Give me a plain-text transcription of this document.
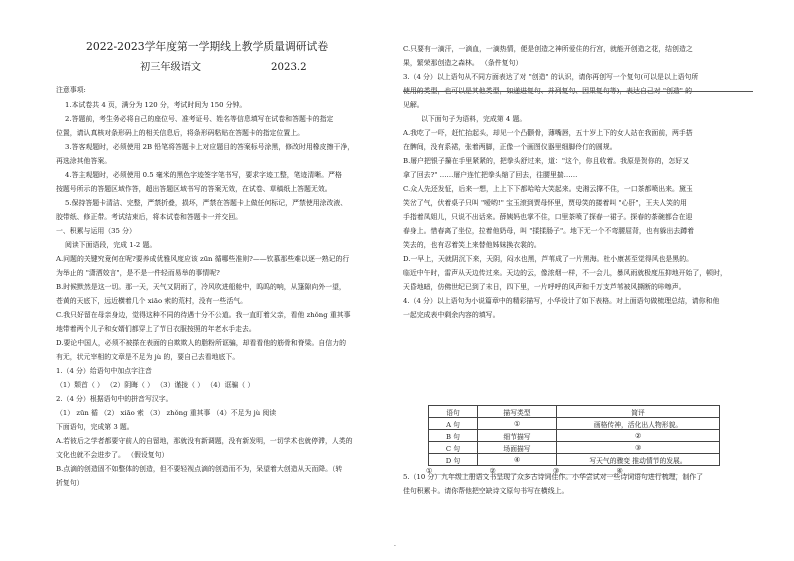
2022-2023学年度第一学期线上教学质量调研试卷
初三年级语文	2023.2
注意事项:
1.本试卷共 4 页，满分为 120 分，考试时间为 150 分钟。
2.答题前，考生务必将自己的座位号、准考证号、姓名等信息填写在试卷和答题卡的指定
位置，请认真核对条形码上的相关信息后，将条形码粘贴在答题卡的指定位置上。
3.答客观题时，必须使用 2B 铅笔将答题卡上对应题目的答案标号涂黑，修改时用橡皮擦干净，
再选涂其他答案。
4.答主观题时，必须使用 0.5 毫米的黑色字迹签字笔书写，要求字迹工整，笔迹清晰。严格
按题号所示的答题区域作答，超出答题区域书写的答案无效，在试卷、草稿纸上答题无效。
5.保持答题卡清洁、完整，严禁折叠，损坏，严禁在答题卡上做任何标记，严禁使用涂改液、
胶带纸、修正带。考试结束后，将本试卷和答题卡一并交回。
一、积累与运用（35 分）
阅读下面语段，完成 1-2 题。
A.问题的关键究竟何在呢?要养成优雅风度应该 zūn 循哪些准则?——钦慕那些难以逐一熟记的行
为举止的 "潇洒姣言"，是不是一件轻而易举的事情呢?
B.时候默然是这一切。那一天，天气又阴雨了，冷风吹进船舱中，呜呜的响，从篷隙向外一望，
苍黄的天底下，远近横着几个 xiāo 索的荒村，没有一些活气。
C.我只好留在母亲身边，觉得这种不同的待遇十分不公道。我一直盯着父亲，看他 zhǒng 重其事
地带着两个儿子和女婿们都穿上了节日衣服按照的年老水手走去。
D.要论中国人，必须不被搽在表面的自欺欺人的脂粉所诓骗，却看看他的筋骨和脊梁。自信力的
有无，状元宰相的文章是不足为 jù 的，要自己去看地底下。
1.（4 分）给语句中加点字注音
（1）颓首（ ） （2）阴晦（ ） （3）谨拢（ ） （4）诓骗（ ）
2.（4 分）根据语句中的拼音写汉字。
（1） zūn 循 （2） xiāo 索 （3） zhǒng 重其事 （4）不足为 jù 阅读
下面语句，完成第 3 题。
A.若彼后之学者都要守前人的自留地，那就没有新调题，没有新发明，一切学术也就停滞，人类的
文化也就不会进步了。 （假设复句）
B.点滴的创造固不如整体的创造，但不要轻视点滴的创造而不为，呆望着大创造从天而降。（转
折复句）
C.只要有一滴汗，一滴血，一滴热情，便是创造之神所爱住的行宫，就能开创造之花，结创造之
果，繁荣那创造之森林。 （条件复句）
3.（4 分）以上语句从不同方面表达了对 "创造" 的认识，请你再创写一个复句(可以是以上语句所
使用的类型，也可以是其他类型，如递进复句、并列复句、因果复句等)，表达自己对 "创造" 的
见解。
以下面句子为语料，完成第 4 题。
A.我吃了一吓，赶忙抬起头，却见一个凸颧骨，薄嘴唇，五十岁上下的女人站在我面前，两手搭
在髀间，没有系裙，张着两脚，正像一个画图仪器里细脚伶仃的圆规。
B.屠户把银子攥在手里紧紧的，把拳头舒过来，道："这个，你且收着。我原是贺你的，怎好又
拿了回去?" ……屠户连忙把拳头缩了回去，往腰里揣……
C.众人先还发怔，后来一想，上上下下都哈哈大笑起来。史湘云撑不住，一口茶都喷出来。黛玉
笑岔了气，伏着桌子只叫 "嗳哟!" 宝玉滚到贾母怀里，贾母笑的搂着叫 "心肝"，王夫人笑的用
手指着凤姐儿，只说不出话来。薛姨妈也掌不住，口里茶喷了探春一裙子。探春的茶碗都合在迎
春身上。惜春离了坐位，拉着他奶母，叫 "揉揉肠子"。地下无一个不弯腰屈背，也有躲出去蹲着
笑去的，也有忍着笑上来替他姊妹换衣裳的。
D.一早上，天就阴沉下来，天阴，闷水也黑，芦苇成了一片黑海。杜小康甚至觉得风也是黑的。
临近中午时，雷声从天边传过来。天边的云，像浓烟一样，不一会儿，暴风雨就极度压抑地开始了，顿时，
天昏地暗，仿佛世纪已到了末日，四下里，一片呼呼的风声和千万支芦苇被风撕断的咔嚓声。
4.（4 分）以上语句为小说篇章中的精彩描写，小华设计了如下表格。对上面语句做梳理总结，请你和他
一起完成表中剩余内容的填写。
5.（10 分）九年级上册语文书呈现了众多古诗词佳作。小华尝试对一些诗词语句进行梳理，制作了
佳句积累卡。请你帮他把空缺诗文原句书写在横线上。
语句	描写类型	简评
A 句	①	画格传神，活化出人物形貌。
B 句	细节描写	②
C 句	场面描写	③
D 句	④	写天气的骤变 推动情节的发展。
①________________ ②________________ ③________________ ④________________
.
